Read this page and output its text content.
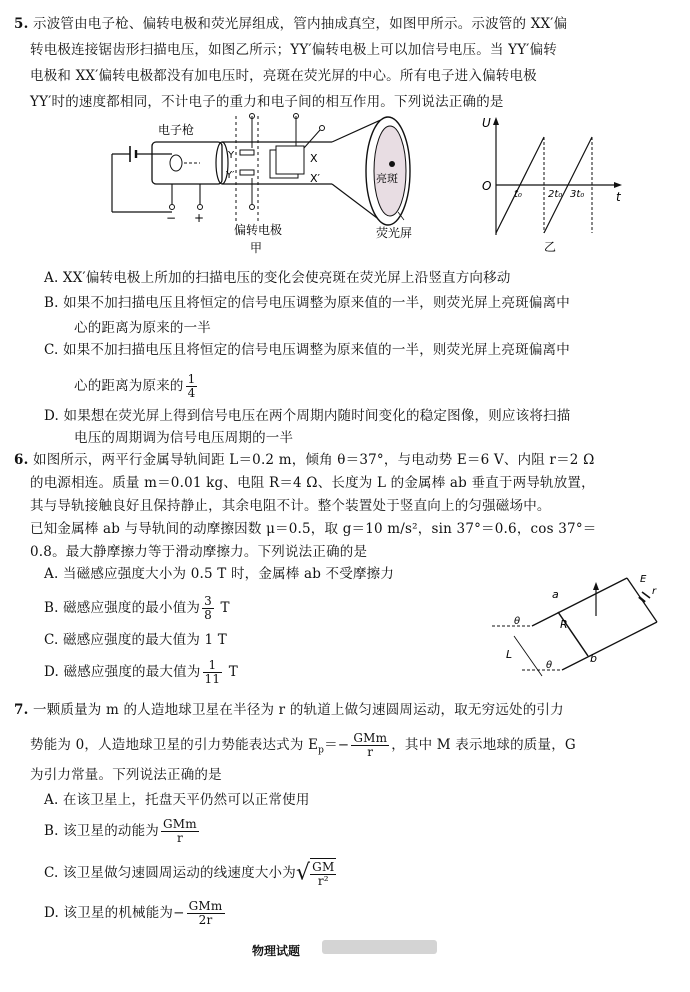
5. 示波管由电子枪、偏转电极和荧光屏组成，管内抽成真空，如图甲所示。示波管的 XX′偏
转电极连接锯齿形扫描电压，如图乙所示；YY′偏转电极上可以加信号电压。当 YY′偏转
电极和 XX′偏转电极都没有加电压时，亮斑在荧光屏的中心。所有电子进入偏转电极
YY′时的速度都相同，不计电子的重力和电子间的相互作用。下列说法正确的是
− +
电子枪
Y
Y′
X
X′
偏转电极
甲
亮斑
荧光屏
U
O
t
t₀	2t₀ 3t₀
乙
A. XX′偏转电极上所加的扫描电压的变化会使亮斑在荧光屏上沿竖直方向移动
B. 如果不加扫描电压且将恒定的信号电压调整为原来值的一半，则荧光屏上亮斑偏离中
心的距离为原来的一半
C. 如果不加扫描电压且将恒定的信号电压调整为原来值的一半，则荧光屏上亮斑偏离中
心的距离为原来的 $\frac{1}{4}$
D. 如果想在荧光屏上得到信号电压在两个周期内随时间变化的稳定图像，则应该将扫描
电压的周期调为信号电压周期的一半
6. 如图所示，两平行金属导轨间距 L＝0.2 m，倾角 θ＝37°，与电动势 E＝6 V、内阻 r＝2 Ω
的电源相连。质量 m＝0.01 kg、电阻 R＝4 Ω、长度为 L 的金属棒 ab 垂直于两导轨放置，
其与导轨接触良好且保持静止，其余电阻不计。整个装置处于竖直向上的匀强磁场中。
已知金属棒 ab 与导轨间的动摩擦因数 μ＝0.5，取 g＝10 m/s²，sin 37°＝0.6，cos 37°＝
0.8。最大静摩擦力等于滑动摩擦力。下列说法正确的是
A. 当磁感应强度大小为 0.5 T 时，金属棒 ab 不受摩擦力
B. 磁感应强度的最小值为 $\frac{3}{8}$ T
C. 磁感应强度的最大值为 1 T
D. 磁感应强度的最大值为 $\frac{1}{11}$ T
E
r
a
b
R
θ
θ
L
7. 一颗质量为 m 的人造地球卫星在半径为 r 的轨道上做匀速圆周运动，取无穷远处的引力
势能为 0，人造地球卫星的引力势能表达式为 $E_p=- \frac{\text{GMm}}{r}$ ，其中 M 表示地球的质量，G
为引力常量。下列说法正确的是
A. 在该卫星上，托盘天平仍然可以正常使用
B. 该卫星的动能为 $\frac{\text{GMm}}{r}$
C. 该卫星做匀速圆周运动的线速度大小为√ $\frac{GM}{\text{r²}}$
D. 该卫星的机械能为− $\frac{\text{GMm}}{2r}$
物理试题
